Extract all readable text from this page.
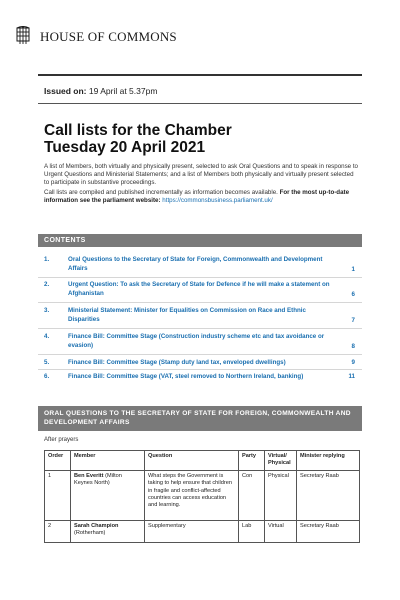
HOUSE OF COMMONS
Issued on: 19 April at 5.37pm
Call lists for the Chamber
Tuesday 20 April 2021
A list of Members, both virtually and physically present, selected to ask Oral Questions and to speak in response to Urgent Questions and Ministerial Statements; and a list of Members both physically and virtually present selected to participate in substantive proceedings.
Call lists are compiled and published incrementally as information becomes available. For the most up-to-date information see the parliament website: https://commonsbusiness.parliament.uk/
CONTENTS
1.	Oral Questions to the Secretary of State for Foreign, Commonwealth and Development Affairs	1
2.	Urgent Question: To ask the Secretary of State for Defence if he will make a statement on Afghanistan	6
3.	Ministerial Statement: Minister for Equalities on Commission on Race and Ethnic Disparities	7
4.	Finance Bill: Committee Stage (Construction industry scheme etc and tax avoidance or evasion)	8
5.	Finance Bill: Committee Stage (Stamp duty land tax, enveloped dwellings)	9
6.	Finance Bill: Committee Stage (VAT, steel removed to Northern Ireland, banking)	11
ORAL QUESTIONS TO THE SECRETARY OF STATE FOR FOREIGN, COMMONWEALTH AND DEVELOPMENT AFFAIRS
After prayers
Order	Member	Question	Party	Virtual/ Physical	Minister replying
1	Ben Everitt (Milton Keynes North)	What steps the Government is taking to help ensure that children in fragile and conflict-affected countries can access education and learning.	Con	Physical	Secretary Raab
2	Sarah Champion (Rotherham)	Supplementary	Lab	Virtual	Secretary Raab
